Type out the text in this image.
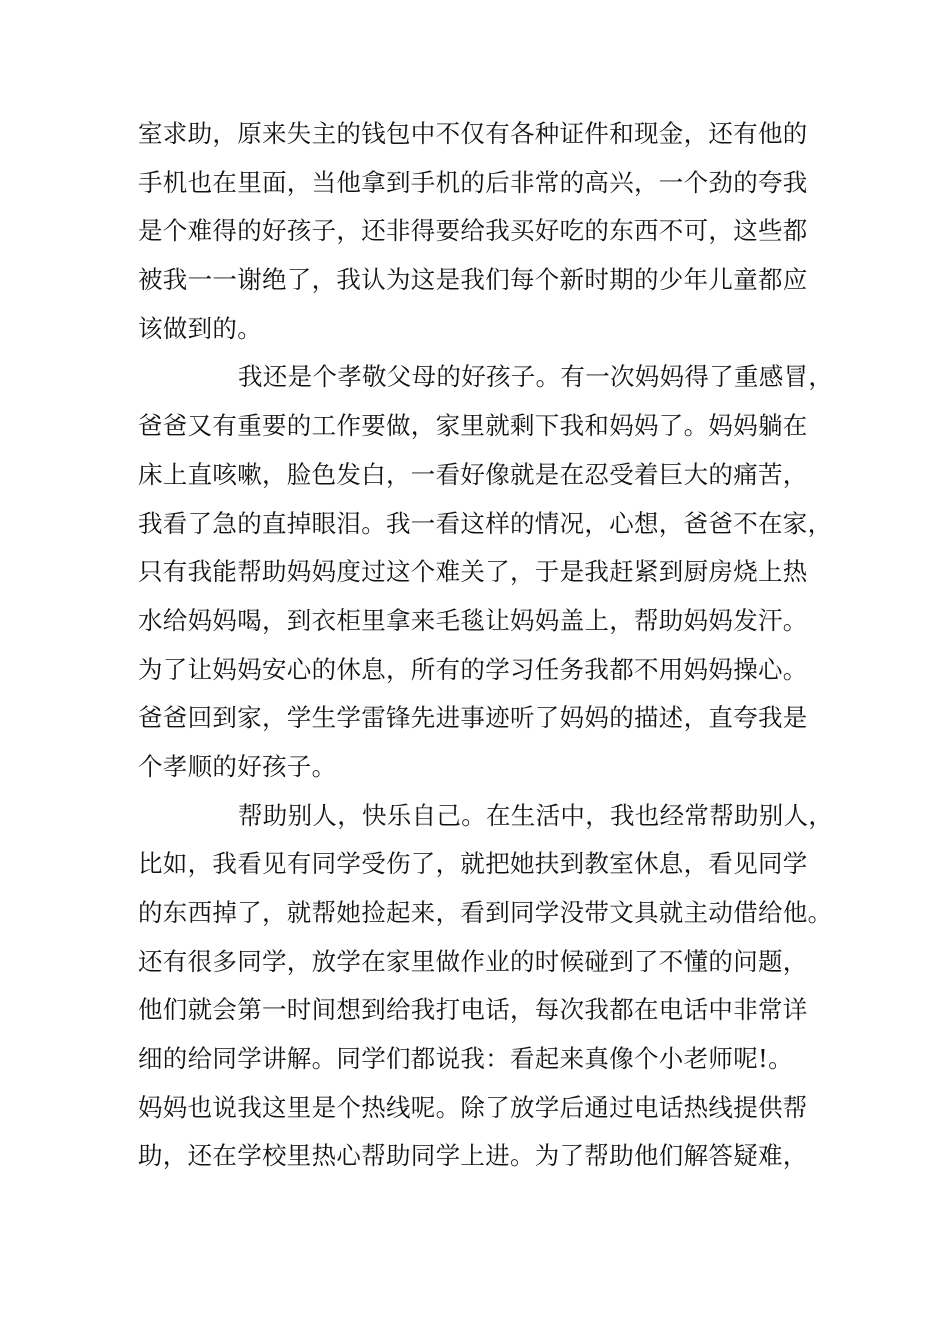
室求助，原来失主的钱包中不仅有各种证件和现金，还有他的
手机也在里面，当他拿到手机的后非常的高兴，一个劲的夸我
是个难得的好孩子，还非得要给我买好吃的东西不可，这些都
被我一一谢绝了，我认为这是我们每个新时期的少年儿童都应
该做到的。
我还是个孝敬父母的好孩子。有一次妈妈得了重感冒，
爸爸又有重要的工作要做，家里就剩下我和妈妈了。妈妈躺在
床上直咳嗽，脸色发白，一看好像就是在忍受着巨大的痛苦，
我看了急的直掉眼泪。我一看这样的情况，心想，爸爸不在家，
只有我能帮助妈妈度过这个难关了，于是我赶紧到厨房烧上热
水给妈妈喝，到衣柜里拿来毛毯让妈妈盖上，帮助妈妈发汗。
为了让妈妈安心的休息，所有的学习任务我都不用妈妈操心。
爸爸回到家，学生学雷锋先进事迹听了妈妈的描述，直夸我是
个孝顺的好孩子。
帮助别人，快乐自己。在生活中，我也经常帮助别人，
比如，我看见有同学受伤了，就把她扶到教室休息，看见同学
的东西掉了，就帮她捡起来，看到同学没带文具就主动借给他。
还有很多同学，放学在家里做作业的时候碰到了不懂的问题，
他们就会第一时间想到给我打电话，每次我都在电话中非常详
细的给同学讲解。同学们都说我：看起来真像个小老师呢!。
妈妈也说我这里是个热线呢。除了放学后通过电话热线提供帮
助，还在学校里热心帮助同学上进。为了帮助他们解答疑难，
